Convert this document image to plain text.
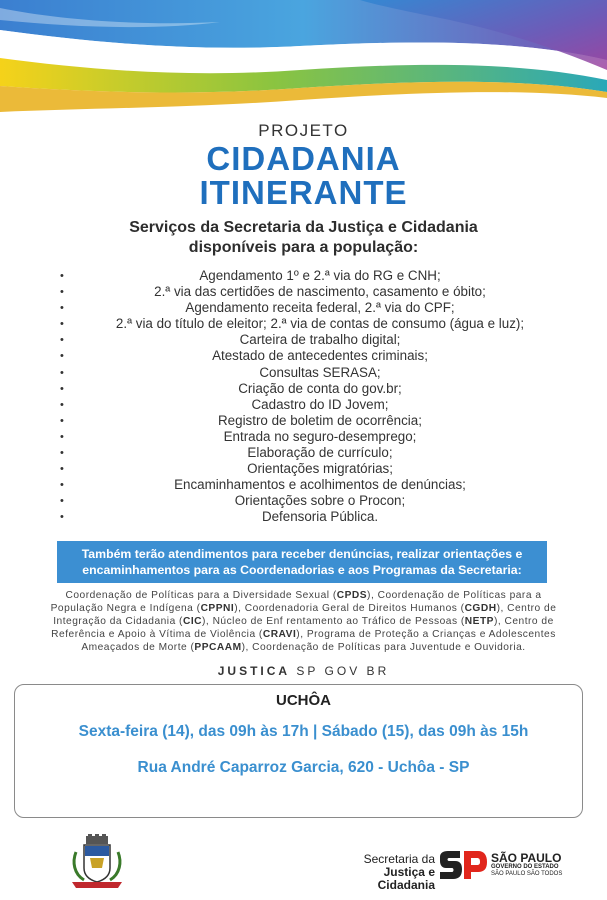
PROJETO
CIDADANIA
ITINERANTE
Serviços da Secretaria da Justiça e Cidadania
disponíveis para a população:
•	Agendamento 1º e 2.ª via do RG e CNH;
•	2.ª via das certidões de nascimento, casamento e óbito;
•	Agendamento receita federal, 2.ª via do CPF;
•	2.ª via do título de eleitor; 2.ª via de contas de consumo (água e luz);
•	Carteira de trabalho digital;
•	Atestado de antecedentes criminais;
•	Consultas SERASA;
•	Criação de conta do gov.br;
•	Cadastro do ID Jovem;
•	Registro de boletim de ocorrência;
•	Entrada no seguro-desemprego;
•	Elaboração de currículo;
•	Orientações migratórias;
•	Encaminhamentos e acolhimentos de denúncias;
•	Orientações sobre o Procon;
•	Defensoria Pública.

Também terão atendimentos para receber denúncias, realizar orientações e

encaminhamentos para as Coordenadorias e aos Programas da Secretaria:

Coordenação de Políticas para a Diversidade Sexual (CPDS), Coordenação de Políticas para a
População Negra e Indígena (CPPNI), Coordenadoria Geral de Direitos Humanos (CGDH), Centro de
Integração da Cidadania (CIC), Núcleo de Enf rentamento ao Tráfico de Pessoas (NETP), Centro de
Referência e Apoio à Vítima de Violência (CRAVI), Programa de Proteção a Crianças e Adolescentes
Ameaçados de Morte (PPCAAM), Coordenação de Políticas para Juventude e Ouvidoria.
JUSTICA SP GOV BR
UCHÔA
Sexta-feira (14), das 09h às 17h | Sábado (15), das 09h às 15h
Rua André Caparroz Garcia, 620 - Uchôa - SP
Secretaria da
Justiça e Cidadania
SÃO PAULO
GOVERNO DO ESTADO
SÃO PAULO SÃO TODOS
